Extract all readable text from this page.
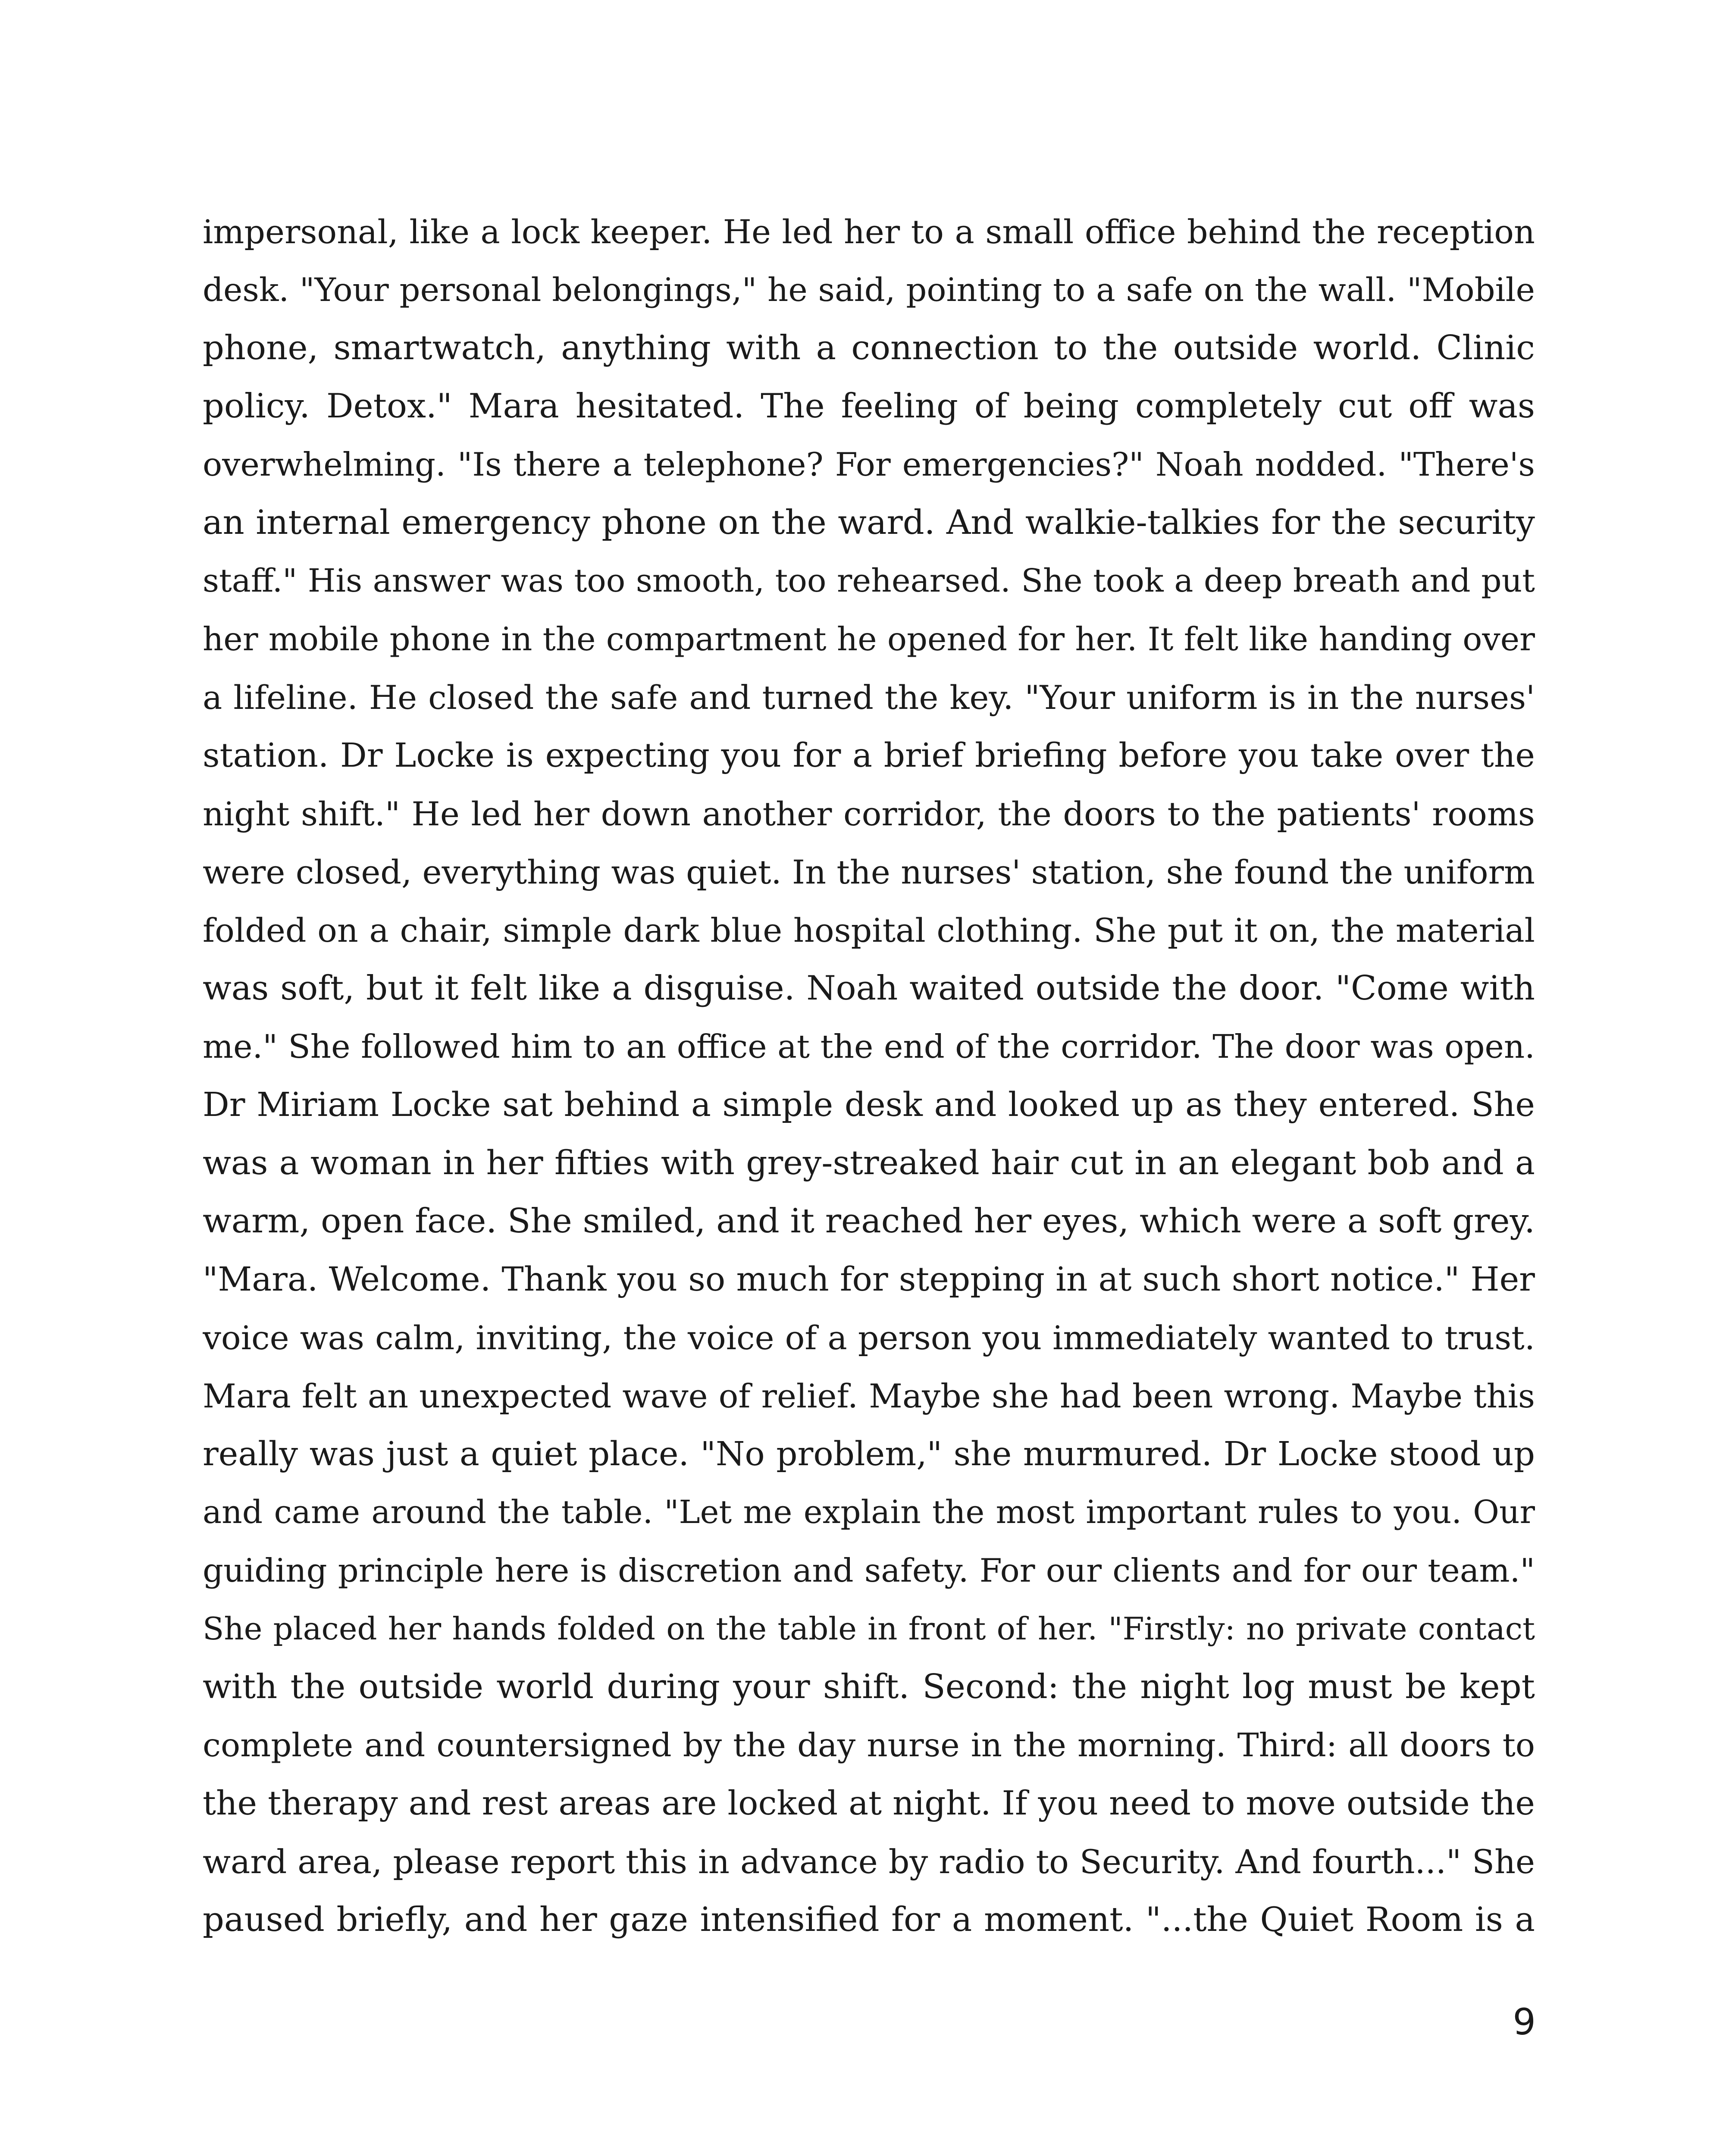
impersonal, like a lock keeper. He led her to a small office behind the reception
desk. "Your personal belongings," he said, pointing to a safe on the wall. "Mobile
phone, smartwatch, anything with a connection to the outside world. Clinic
policy. Detox." Mara hesitated. The feeling of being completely cut off was
overwhelming. "Is there a telephone? For emergencies?" Noah nodded. "There's
an internal emergency phone on the ward. And walkie-talkies for the security
staff." His answer was too smooth, too rehearsed. She took a deep breath and put
her mobile phone in the compartment he opened for her. It felt like handing over
a lifeline. He closed the safe and turned the key. "Your uniform is in the nurses'
station. Dr Locke is expecting you for a brief briefing before you take over the
night shift." He led her down another corridor, the doors to the patients' rooms
were closed, everything was quiet. In the nurses' station, she found the uniform
folded on a chair, simple dark blue hospital clothing. She put it on, the material
was soft, but it felt like a disguise. Noah waited outside the door. "Come with
me." She followed him to an office at the end of the corridor. The door was open.
Dr Miriam Locke sat behind a simple desk and looked up as they entered. She
was a woman in her fifties with grey-streaked hair cut in an elegant bob and a
warm, open face. She smiled, and it reached her eyes, which were a soft grey.
"Mara. Welcome. Thank you so much for stepping in at such short notice." Her
voice was calm, inviting, the voice of a person you immediately wanted to trust.
Mara felt an unexpected wave of relief. Maybe she had been wrong. Maybe this
really was just a quiet place. "No problem," she murmured. Dr Locke stood up
and came around the table. "Let me explain the most important rules to you. Our
guiding principle here is discretion and safety. For our clients and for our team."
She placed her hands folded on the table in front of her. "Firstly: no private contact
with the outside world during your shift. Second: the night log must be kept
complete and countersigned by the day nurse in the morning. Third: all doors to
the therapy and rest areas are locked at night. If you need to move outside the
ward area, please report this in advance by radio to Security. And fourth..." She
paused briefly, and her gaze intensified for a moment. "...the Quiet Room is a
9
